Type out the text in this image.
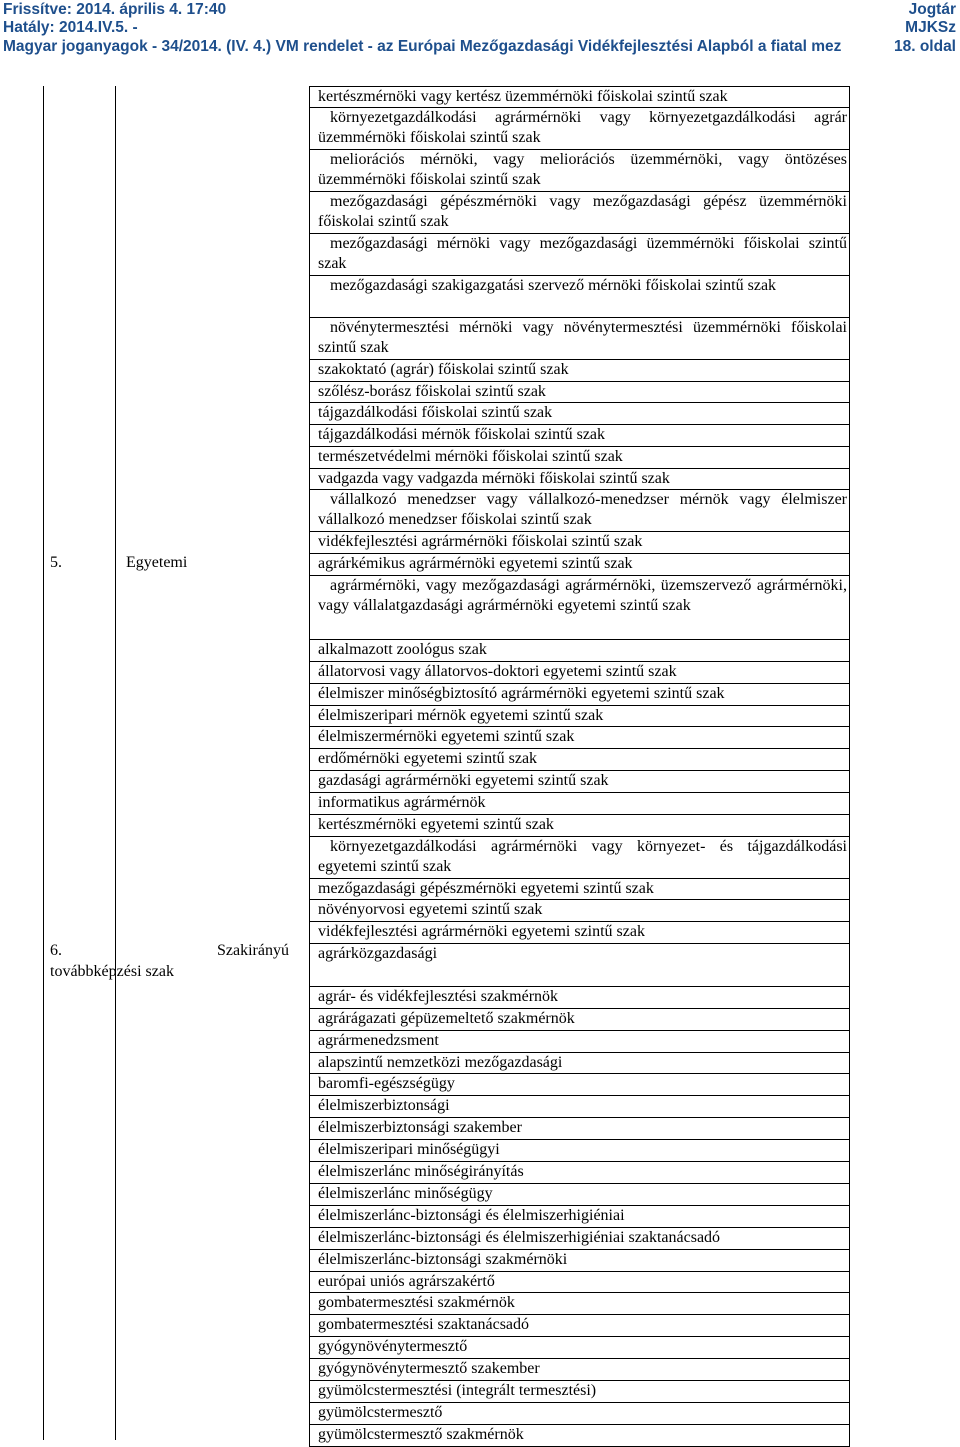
Frissítve: 2014. április 4. 17:40
Hatály: 2014.IV.5. -
Magyar joganyagok - 34/2014. (IV. 4.) VM rendelet - az Európai Mezőgazdasági Vidékfejlesztési Alapból a fiatal mez
Jogtár
MJKSz
18. oldal
5.	Egyetemi
6.	Szakirányú
továbbképzési szak
kertészmérnöki vagy kertész üzemmérnöki főiskolai szintű szak
környezetgazdálkodási agrármérnöki vagy környezetgazdálkodási agrár üzemmérnöki főiskolai szintű szak
meliorációs mérnöki, vagy meliorációs üzemmérnöki, vagy öntözéses üzemmérnöki főiskolai szintű szak
mezőgazdasági gépészmérnöki vagy mezőgazdasági gépész üzemmérnöki főiskolai szintű szak
mezőgazdasági mérnöki vagy mezőgazdasági üzemmérnöki főiskolai szintű szak
mezőgazdasági szakigazgatási szervező mérnöki főiskolai szintű szak
növénytermesztési mérnöki vagy növénytermesztési üzemmérnöki főiskolai szintű szak
szakoktató (agrár) főiskolai szintű szak
szőlész-borász főiskolai szintű szak
tájgazdálkodási főiskolai szintű szak
tájgazdálkodási mérnök főiskolai szintű szak
természetvédelmi mérnöki főiskolai szintű szak
vadgazda vagy vadgazda mérnöki főiskolai szintű szak
vállalkozó menedzser vagy vállalkozó-menedzser mérnök vagy élelmiszer vállalkozó menedzser főiskolai szintű szak
vidékfejlesztési agrármérnöki főiskolai szintű szak
agrárkémikus agrármérnöki egyetemi szintű szak
agrármérnöki, vagy mezőgazdasági agrármérnöki, üzemszervező agrármérnöki, vagy vállalatgazdasági agrármérnöki egyetemi szintű szak
alkalmazott zoológus szak
állatorvosi vagy állatorvos-doktori egyetemi szintű szak
élelmiszer minőségbiztosító agrármérnöki egyetemi szintű szak
élelmiszeripari mérnök egyetemi szintű szak
élelmiszermérnöki egyetemi szintű szak
erdőmérnöki egyetemi szintű szak
gazdasági agrármérnöki egyetemi szintű szak
informatikus agrármérnök
kertészmérnöki egyetemi szintű szak
környezetgazdálkodási agrármérnöki vagy környezet- és tájgazdálkodási egyetemi szintű szak
mezőgazdasági gépészmérnöki egyetemi szintű szak
növényorvosi egyetemi szintű szak
vidékfejlesztési agrármérnöki egyetemi szintű szak
agrárközgazdasági
agrár- és vidékfejlesztési szakmérnök
agrárágazati gépüzemeltető szakmérnök
agrármenedzsment
alapszintű nemzetközi mezőgazdasági
baromfi-egészségügy
élelmiszerbiztonsági
élelmiszerbiztonsági szakember
élelmiszeripari minőségügyi
élelmiszerlánc minőségirányítás
élelmiszerlánc minőségügy
élelmiszerlánc-biztonsági és élelmiszerhigiéniai
élelmiszerlánc-biztonsági és élelmiszerhigiéniai szaktanácsadó
élelmiszerlánc-biztonsági szakmérnöki
európai uniós agrárszakértő
gombatermesztési szakmérnök
gombatermesztési szaktanácsadó
gyógynövénytermesztő
gyógynövénytermesztő szakember
gyümölcstermesztési (integrált termesztési)
gyümölcstermesztő
gyümölcstermesztő szakmérnök
